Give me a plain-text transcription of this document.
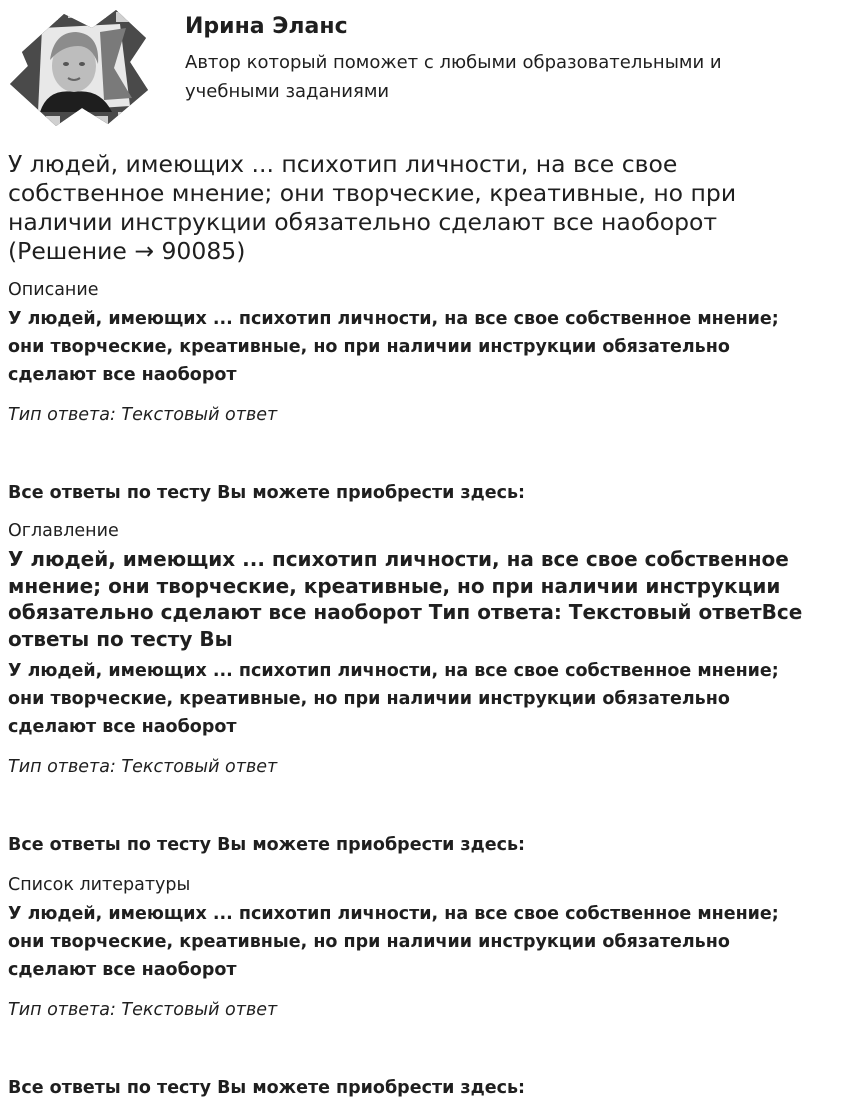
Ирина Эланс

Автор который поможет с любыми образовательными и учебными заданиями

У людей, имеющих ... психотип личности, на все свое собственное мнение; они творческие, креативные, но при наличии инструкции обязательно сделают все наоборот (Решение → 90085)

Описание

У людей, имеющих ... психотип личности, на все свое собственное мнение; они творческие, креативные, но при наличии инструкции обязательно сделают все наоборот

Тип ответа: Текстовый ответ

Все ответы по тесту Вы можете приобрести здесь:

Оглавление

У людей, имеющих ... психотип личности, на все свое собственное мнение; они творческие, креативные, но при наличии инструкции обязательно сделают все наоборот Тип ответа: Текстовый ответВсе ответы по тесту Вы

У людей, имеющих ... психотип личности, на все свое собственное мнение; они творческие, креативные, но при наличии инструкции обязательно сделают все наоборот

Тип ответа: Текстовый ответ

Все ответы по тесту Вы можете приобрести здесь:

Список литературы

У людей, имеющих ... психотип личности, на все свое собственное мнение; они творческие, креативные, но при наличии инструкции обязательно сделают все наоборот

Тип ответа: Текстовый ответ

Все ответы по тесту Вы можете приобрести здесь:
